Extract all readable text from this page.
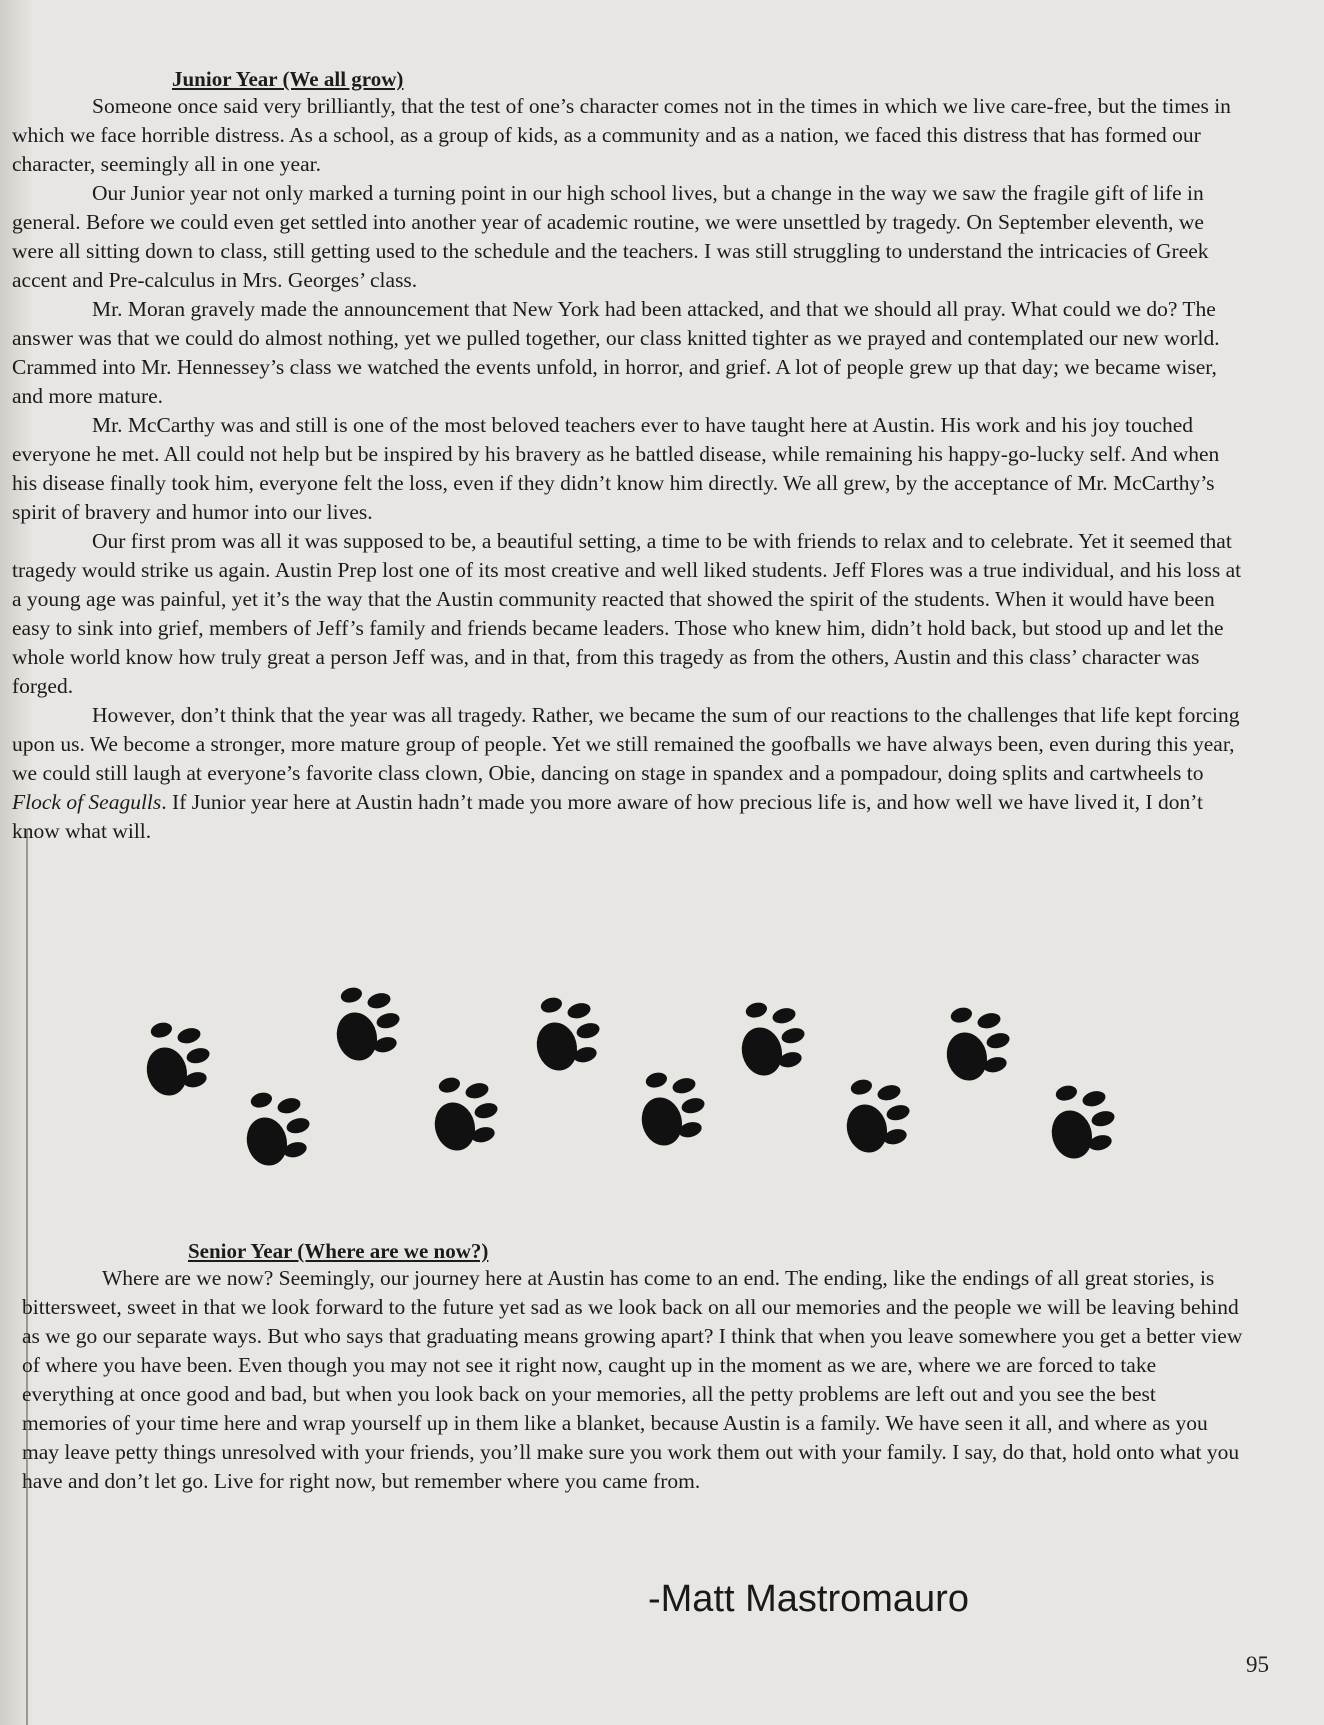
Junior Year (We all grow)

Someone once said very brilliantly, that the test of one’s character comes not in the times in which we live care-free, but the times in which we face horrible distress. As a school, as a group of kids, as a community and as a nation, we faced this distress that has formed our character, seemingly all in one year.

Our Junior year not only marked a turning point in our high school lives, but a change in the way we saw the fragile gift of life in general. Before we could even get settled into another year of academic routine, we were unsettled by tragedy. On September eleventh, we were all sitting down to class, still getting used to the schedule and the teachers. I was still struggling to understand the intricacies of Greek accent and Pre-calculus in Mrs. Georges’ class.

Mr. Moran gravely made the announcement that New York had been attacked, and that we should all pray. What could we do? The answer was that we could do almost nothing, yet we pulled together, our class knitted tighter as we prayed and contemplated our new world. Crammed into Mr. Hennessey’s class we watched the events unfold, in horror, and grief. A lot of people grew up that day; we became wiser, and more mature.

Mr. McCarthy was and still is one of the most beloved teachers ever to have taught here at Austin. His work and his joy touched everyone he met. All could not help but be inspired by his bravery as he battled disease, while remaining his happy-go-lucky self. And when his disease finally took him, everyone felt the loss, even if they didn’t know him directly. We all grew, by the acceptance of Mr. McCarthy’s spirit of bravery and humor into our lives.

Our first prom was all it was supposed to be, a beautiful setting, a time to be with friends to relax and to celebrate. Yet it seemed that tragedy would strike us again. Austin Prep lost one of its most creative and well liked students. Jeff Flores was a true individual, and his loss at a young age was painful, yet it’s the way that the Austin community reacted that showed the spirit of the students. When it would have been easy to sink into grief, members of Jeff’s family and friends became leaders. Those who knew him, didn’t hold back, but stood up and let the whole world know how truly great a person Jeff was, and in that, from this tragedy as from the others, Austin and this class’ character was forged.

However, don’t think that the year was all tragedy. Rather, we became the sum of our reactions to the challenges that life kept forcing upon us. We become a stronger, more mature group of people. Yet we still remained the goofballs we have always been, even during this year, we could still laugh at everyone’s favorite class clown, Obie, dancing on stage in spandex and a pompadour, doing splits and cartwheels to Flock of Seagulls. If Junior year here at Austin hadn’t made you more aware of how precious life is, and how well we have lived it, I don’t know what will.

Senior Year (Where are we now?)

Where are we now? Seemingly, our journey here at Austin has come to an end. The ending, like the endings of all great stories, is bittersweet, sweet in that we look forward to the future yet sad as we look back on all our memories and the people we will be leaving behind as we go our separate ways. But who says that graduating means growing apart? I think that when you leave somewhere you get a better view of where you have been. Even though you may not see it right now, caught up in the moment as we are, where we are forced to take everything at once good and bad, but when you look back on your memories, all the petty problems are left out and you see the best memories of your time here and wrap yourself up in them like a blanket, because Austin is a family. We have seen it all, and where as you may leave petty things unresolved with your friends, you’ll make sure you work them out with your family. I say, do that, hold onto what you have and don’t let go. Live for right now, but remember where you came from.

-Matt Mastromauro
95
